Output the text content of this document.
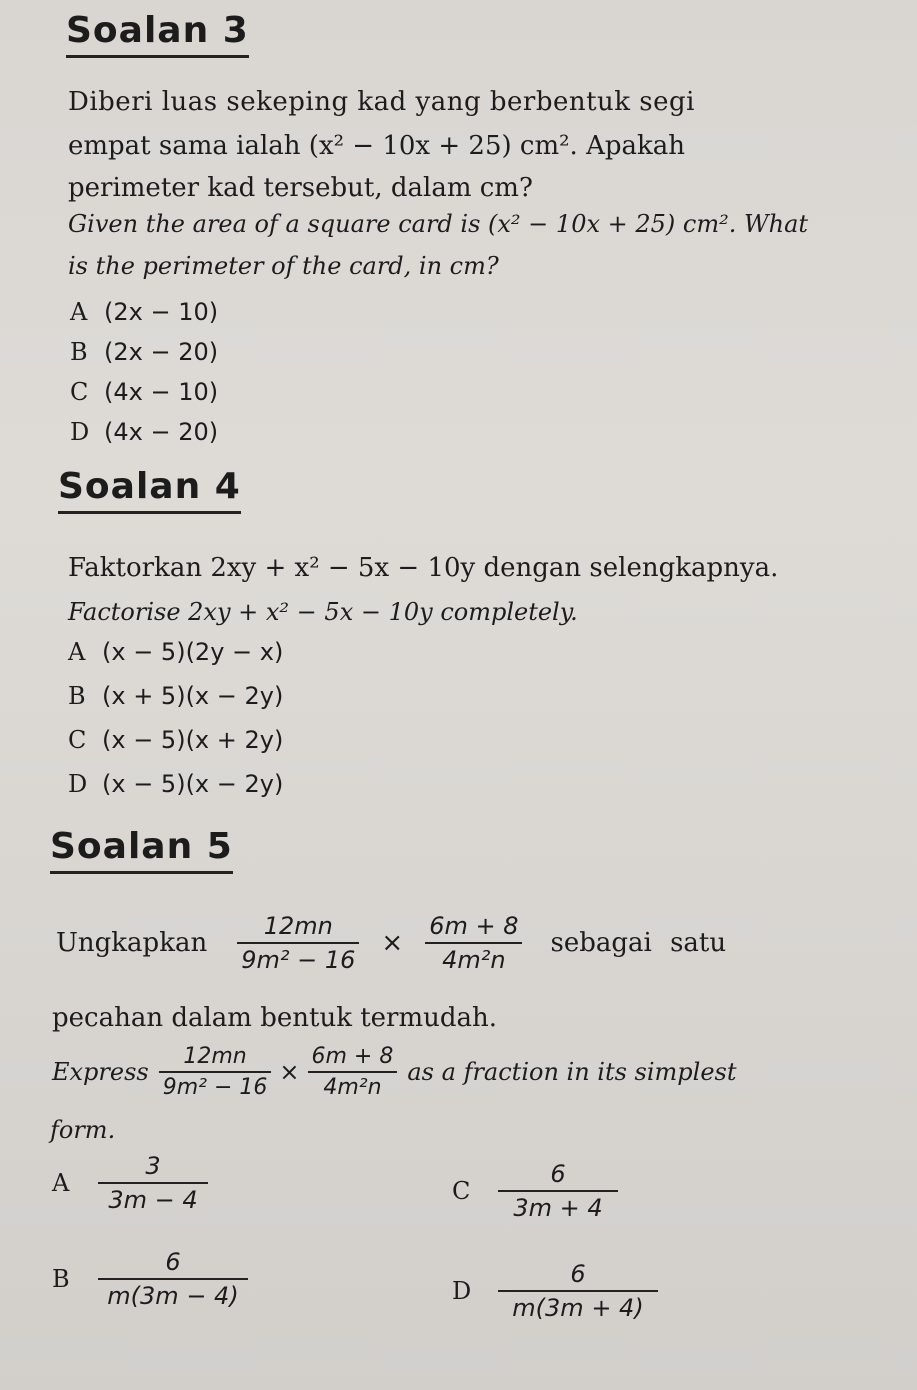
Soalan 3
Diberi luas sekeping kad yang berbentuk segi
empat sama ialah (x² − 10x + 25) cm². Apakah
perimeter kad tersebut, dalam cm?
Given the area of a square card is (x² − 10x + 25) cm². What
is the perimeter of the card, in cm?
A (2x − 10)
B (2x − 20)
C (4x − 10)
D (4x − 20)
Soalan 4
Faktorkan 2xy + x² − 5x − 10y dengan selengkapnya.
Factorise 2xy + x² − 5x − 10y completely.
A (x − 5)(2y − x)
B (x + 5)(x − 2y)
C (x − 5)(x + 2y)
D (x − 5)(x − 2y)
Soalan 5
Ungkapkan $\frac{12mn}{\text{9m² − 16}} \times \frac{6m + 8}{\text{4m²n}}$ sebagai satu
pecahan dalam bentuk termudah.
Express $\frac{12mn}{\text{9m² − 16}} \times \frac{6m + 8}{\text{4m²n}}$ as a fraction in its simplest
form.
A	$\frac{3}{3m - 4}$
B	$\frac{6}{m(3m - 4)}$
C	$\frac{6}{3m + 4}$
D	$\frac{6}{m(3m + 4)}$
